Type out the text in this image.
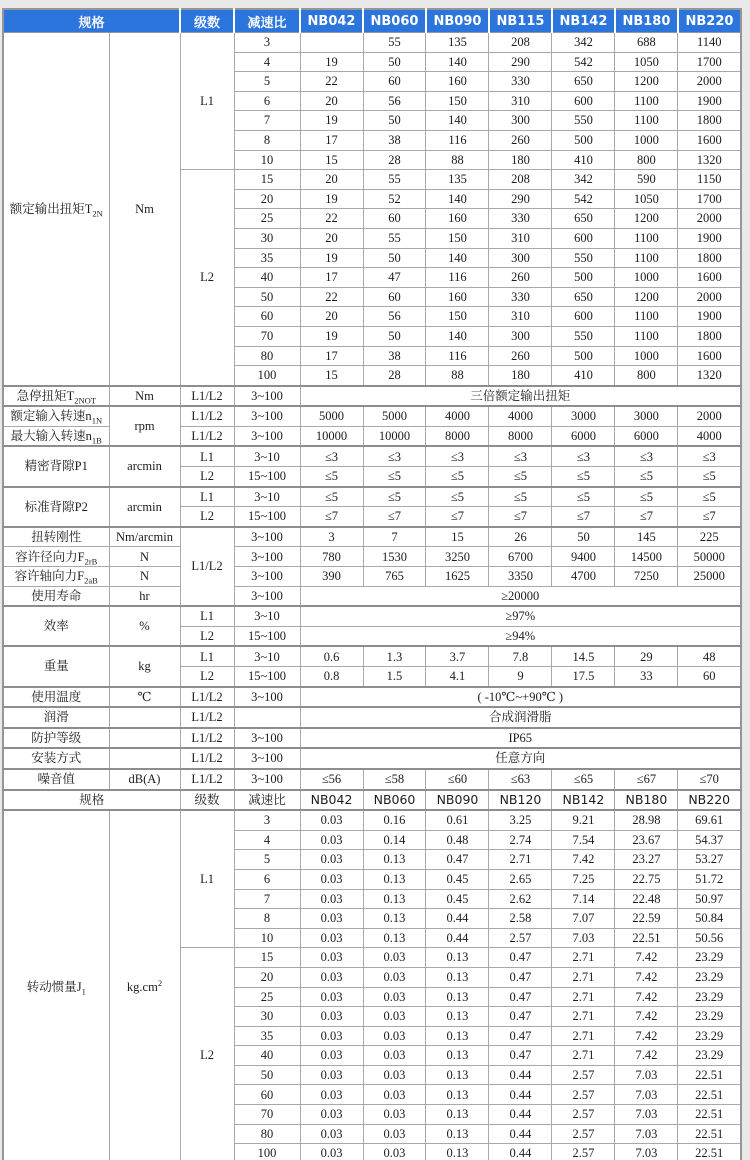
规格		级数	减速比	NB042	NB060	NB090	NB115	NB142	NB180	NB220
额定输出扭矩$T_{2N}$	Nm	L1	3		55	135	208	342	688	1140
			4	19	50	140	290	542	1050	1700
			5	22	60	160	330	650	1200	2000
			6	20	56	150	310	600	1100	1900
			7	19	50	140	300	550	1100	1800
			8	17	38	116	260	500	1000	1600
			10	15	28	88	180	410	800	1320
		L2	15	20	55	135	208	342	590	1150
			20	19	52	140	290	542	1050	1700
			25	22	60	160	330	650	1200	2000
			30	20	55	150	310	600	1100	1900
			35	19	50	140	300	550	1100	1800
			40	17	47	116	260	500	1000	1600
			50	22	60	160	330	650	1200	2000
			60	20	56	150	310	600	1100	1900
			70	19	50	140	300	550	1100	1800
			80	17	38	116	260	500	1000	1600
			100	15	28	88	180	410	800	1320
急停扭矩$T_{2NOT}$	Nm	L1/L2	3~100	三倍额定输出扭矩						
额定输入转速$n_{1N}$	rpm	L1/L2	3~100	5000	5000	4000	4000	3000	3000	2000
最大输入转速$n_{1B}$		L1/L2	3~100	10000	10000	8000	8000	6000	6000	4000
精密背隙P1	arcmin	L1	3~10	≤3	≤3	≤3	≤3	≤3	≤3	≤3
		L2	15~100	≤5	≤5	≤5	≤5	≤5	≤5	≤5
标准背隙P2	arcmin	L1	3~10	≤5	≤5	≤5	≤5	≤5	≤5	≤5
		L2	15~100	≤7	≤7	≤7	≤7	≤7	≤7	≤7
扭转刚性	Nm/arcmin	L1/L2	3~100	3	7	15	26	50	145	225
容许径向力$F_{2rB}$	N		3~100	780	1530	3250	6700	9400	14500	50000
容许轴向力$F_{2aB}$	N		3~100	390	765	1625	3350	4700	7250	25000
使用寿命	hr		3~100	≥20000						
效率	%	L1	3~10	≥97%						
		L2	15~100	≥94%						
重量	kg	L1	3~10	0.6	1.3	3.7	7.8	14.5	29	48
		L2	15~100	0.8	1.5	4.1	9	17.5	33	60
使用温度	℃	L1/L2	3~100	( -10℃~+90℃ )						
润滑		L1/L2		合成润滑脂						
防护等级		L1/L2	3~100	IP65						
安装方式		L1/L2	3~100	任意方向						
噪音值	dB(A)	L1/L2	3~100	≤56	≤58	≤60	≤63	≤65	≤67	≤70
规格		级数	减速比	NB042	NB060	NB090	NB120	NB142	NB180	NB220
转动惯量$J_1$	$kg.cm^2$	L1	3	0.03	0.16	0.61	3.25	9.21	28.98	69.61
			4	0.03	0.14	0.48	2.74	7.54	23.67	54.37
			5	0.03	0.13	0.47	2.71	7.42	23.27	53.27
			6	0.03	0.13	0.45	2.65	7.25	22.75	51.72
			7	0.03	0.13	0.45	2.62	7.14	22.48	50.97
			8	0.03	0.13	0.44	2.58	7.07	22.59	50.84
			10	0.03	0.13	0.44	2.57	7.03	22.51	50.56
		L2	15	0.03	0.03	0.13	0.47	2.71	7.42	23.29
			20	0.03	0.03	0.13	0.47	2.71	7.42	23.29
			25	0.03	0.03	0.13	0.47	2.71	7.42	23.29
			30	0.03	0.03	0.13	0.47	2.71	7.42	23.29
			35	0.03	0.03	0.13	0.47	2.71	7.42	23.29
			40	0.03	0.03	0.13	0.47	2.71	7.42	23.29
			50	0.03	0.03	0.13	0.44	2.57	7.03	22.51
			60	0.03	0.03	0.13	0.44	2.57	7.03	22.51
			70	0.03	0.03	0.13	0.44	2.57	7.03	22.51
			80	0.03	0.03	0.13	0.44	2.57	7.03	22.51
			100	0.03	0.03	0.13	0.44	2.57	7.03	22.51
